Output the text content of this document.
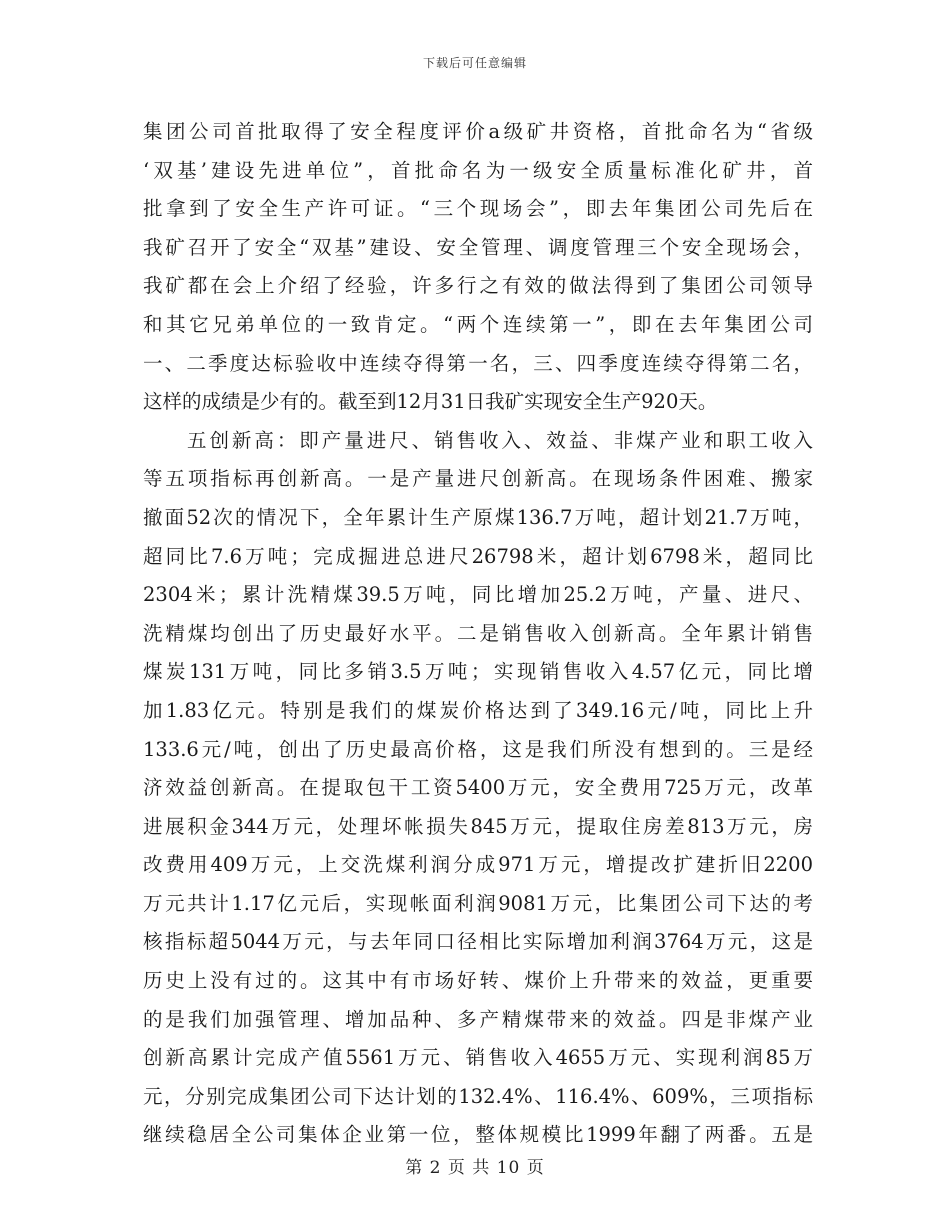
下载后可任意编辑
集团公司首批取得了安全程度评价a级矿井资格，首批命名为“省级
‘双基’建设先进单位”，首批命名为一级安全质量标准化矿井，首
批拿到了安全生产许可证。“三个现场会”，即去年集团公司先后在
我矿召开了安全“双基”建设、安全管理、调度管理三个安全现场会，
我矿都在会上介绍了经验，许多行之有效的做法得到了集团公司领导
和其它兄弟单位的一致肯定。“两个连续第一”，即在去年集团公司
一、二季度达标验收中连续夺得第一名，三、四季度连续夺得第二名，
这样的成绩是少有的。截至到12月31日我矿实现安全生产920天。
五创新高：即产量进尺、销售收入、效益、非煤产业和职工收入
等五项指标再创新高。一是产量进尺创新高。在现场条件困难、搬家
撤面52次的情况下，全年累计生产原煤136.7万吨，超计划21.7万吨，
超同比7.6万吨；完成掘进总进尺26798米，超计划6798米，超同比
2304米；累计洗精煤39.5万吨，同比增加25.2万吨，产量、进尺、
洗精煤均创出了历史最好水平。二是销售收入创新高。全年累计销售
煤炭131万吨，同比多销3.5万吨；实现销售收入4.57亿元，同比增
加1.83亿元。特别是我们的煤炭价格达到了349.16元/吨，同比上升
133.6元/吨，创出了历史最高价格，这是我们所没有想到的。三是经
济效益创新高。在提取包干工资5400万元，安全费用725万元，改革
进展积金344万元，处理坏帐损失845万元，提取住房差813万元，房
改费用409万元，上交洗煤利润分成971万元，增提改扩建折旧2200
万元共计1.17亿元后，实现帐面利润9081万元，比集团公司下达的考
核指标超5044万元，与去年同口径相比实际增加利润3764万元，这是
历史上没有过的。这其中有市场好转、煤价上升带来的效益，更重要
的是我们加强管理、增加品种、多产精煤带来的效益。四是非煤产业
创新高累计完成产值5561万元、销售收入4655万元、实现利润85万
元，分别完成集团公司下达计划的132.4%、116.4%、609%，三项指标
继续稳居全公司集体企业第一位，整体规模比1999年翻了两番。五是
第 2 页 共 10 页
